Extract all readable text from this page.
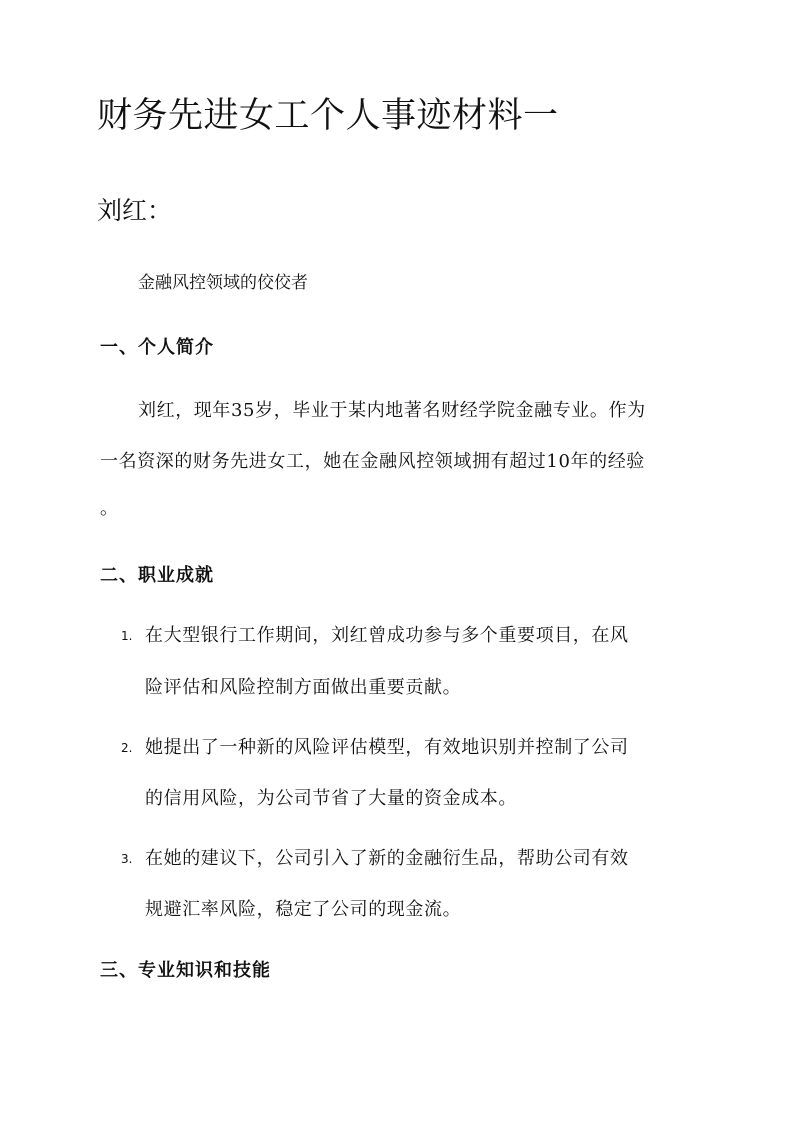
财务先进女工个人事迹材料一
刘红：
金融风控领域的佼佼者
一、个人简介
刘红，现年35岁，毕业于某内地著名财经学院金融专业。作为
一名资深的财务先进女工，她在金融风控领域拥有超过10年的经验
。
二、职业成就
1. 在大型银行工作期间，刘红曾成功参与多个重要项目，在风
险评估和风险控制方面做出重要贡献。
2. 她提出了一种新的风险评估模型，有效地识别并控制了公司
的信用风险，为公司节省了大量的资金成本。
3. 在她的建议下，公司引入了新的金融衍生品，帮助公司有效
规避汇率风险，稳定了公司的现金流。
三、专业知识和技能
